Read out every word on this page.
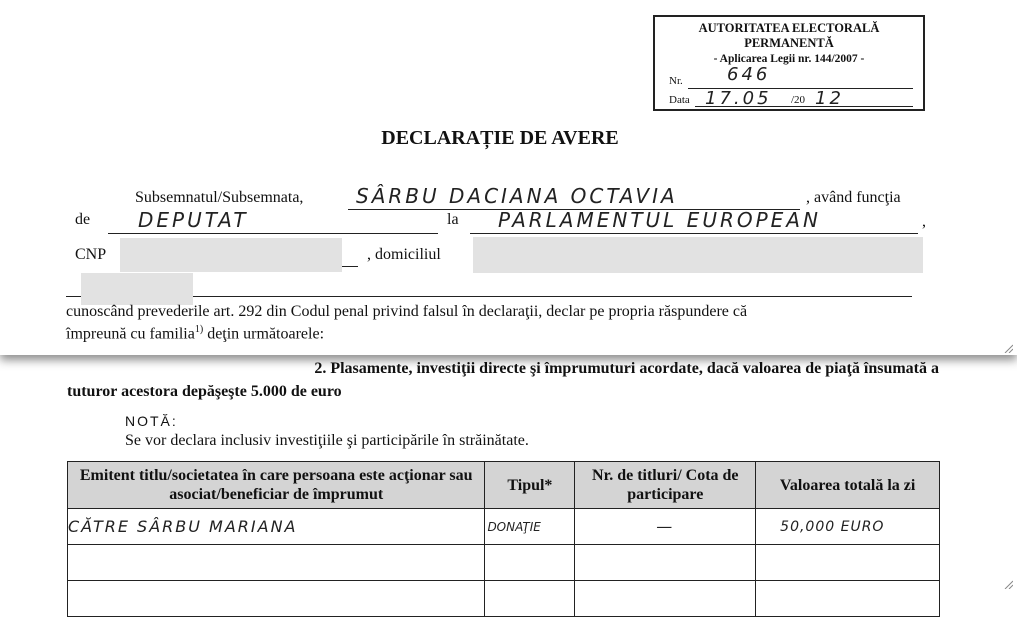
AUTORITATEA ELECTORALĂ
PERMANENTĂ
- Aplicarea Legii nr. 144/2007 -
Nr. 646
Data 17.05 /20 12
DECLARAȚIE DE AVERE
Subsemnatul/Subsemnata,	SÂRBU DACIANA OCTAVIA	, având funcţia
de DEPUTAT	la PARLAMENTUL EUROPEAN	,
CNP	, domiciliul
cunoscând prevederile art. 292 din Codul penal privind falsul în declaraţii, declar pe propria răspundere că
împreună cu familia$^{1)}$ deţin următoarele:
2. Plasamente, investiţii directe şi împrumuturi acordate, dacă valoarea de piaţă însumată a
tuturor acestora depăşeşte 5.000 de euro
NOTĂ:
Se vor declara inclusiv investiţiile şi participările în străinătate.
Emitent titlu/societatea în care persoana este acţionar sau asociat/beneficiar de împrumut	Tipul*	Nr. de titluri/ Cota de participare	Valoarea totală la zi
CĂTRE SÂRBU MARIANA	DONAŢIE	—	50,000 EURO
